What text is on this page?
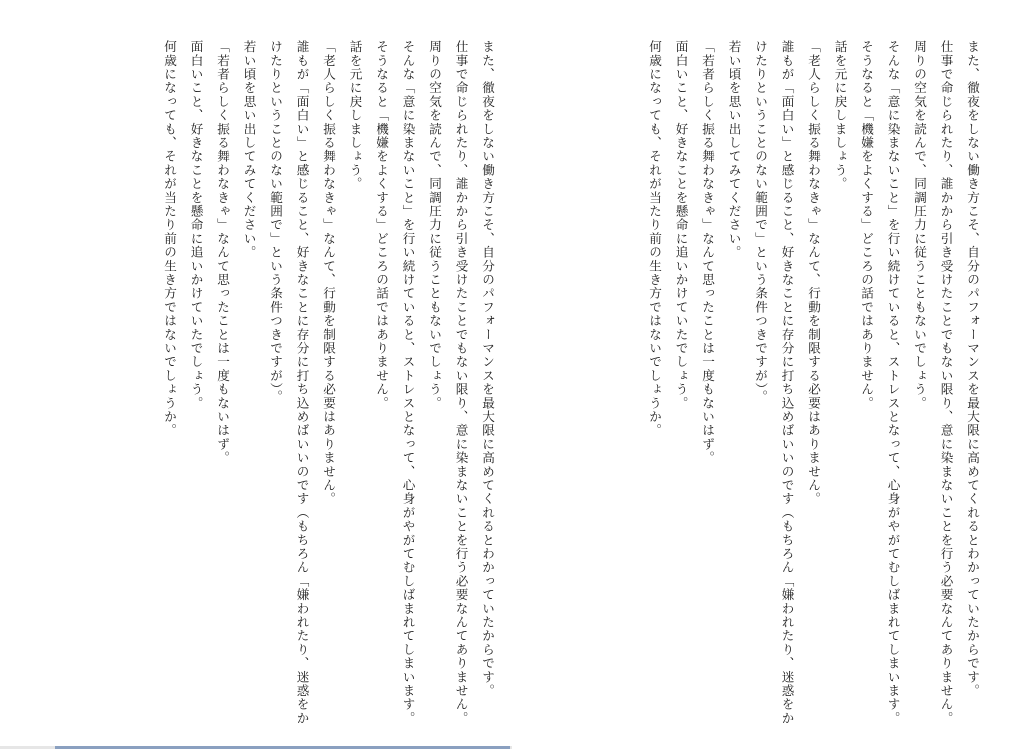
また、徹夜をしない働き方こそ、自分のパフォーマンスを最大限に高めてくれるとわかっていたからです。

仕事で命じられたり、誰かから引き受けたことでもない限り、意に染まないことを行う必要なんてありません。

周りの空気を読んで、同調圧力に従うこともないでしょう。

そんな「意に染まないこと」を行い続けていると、ストレスとなって、心身がやがてむしばまれてしまいます。

そうなると「機嫌をよくする」どころの話ではありません。

話を元に戻しましょう。

「老人らしく振る舞わなきゃ」なんて、行動を制限する必要はありません。

誰もが「面白い」と感じること、好きなことに存分に打ち込めばいいのです（もちろん「嫌われたり、迷惑をかけたりということのない範囲で」という条件つきですが）。

若い頃を思い出してみてください。

「若者らしく振る舞わなきゃ」なんて思ったことは一度もないはず。

面白いこと、好きなことを懸命に追いかけていたでしょう。

何歳になっても、それが当たり前の生き方ではないでしょうか。

また、徹夜をしない働き方こそ、自分のパフォーマンスを最大限に高めてくれるとわかっていたからです。

仕事で命じられたり、誰かから引き受けたことでもない限り、意に染まないことを行う必要なんてありません。

周りの空気を読んで、同調圧力に従うこともないでしょう。

そんな「意に染まないこと」を行い続けていると、ストレスとなって、心身がやがてむしばまれてしまいます。

そうなると「機嫌をよくする」どころの話ではありません。

話を元に戻しましょう。

「老人らしく振る舞わなきゃ」なんて、行動を制限する必要はありません。

誰もが「面白い」と感じること、好きなことに存分に打ち込めばいいのです（もちろん「嫌われたり、迷惑をかけたりということのない範囲で」という条件つきですが）。

若い頃を思い出してみてください。

「若者らしく振る舞わなきゃ」なんて思ったことは一度もないはず。

面白いこと、好きなことを懸命に追いかけていたでしょう。

何歳になっても、それが当たり前の生き方ではないでしょうか。
